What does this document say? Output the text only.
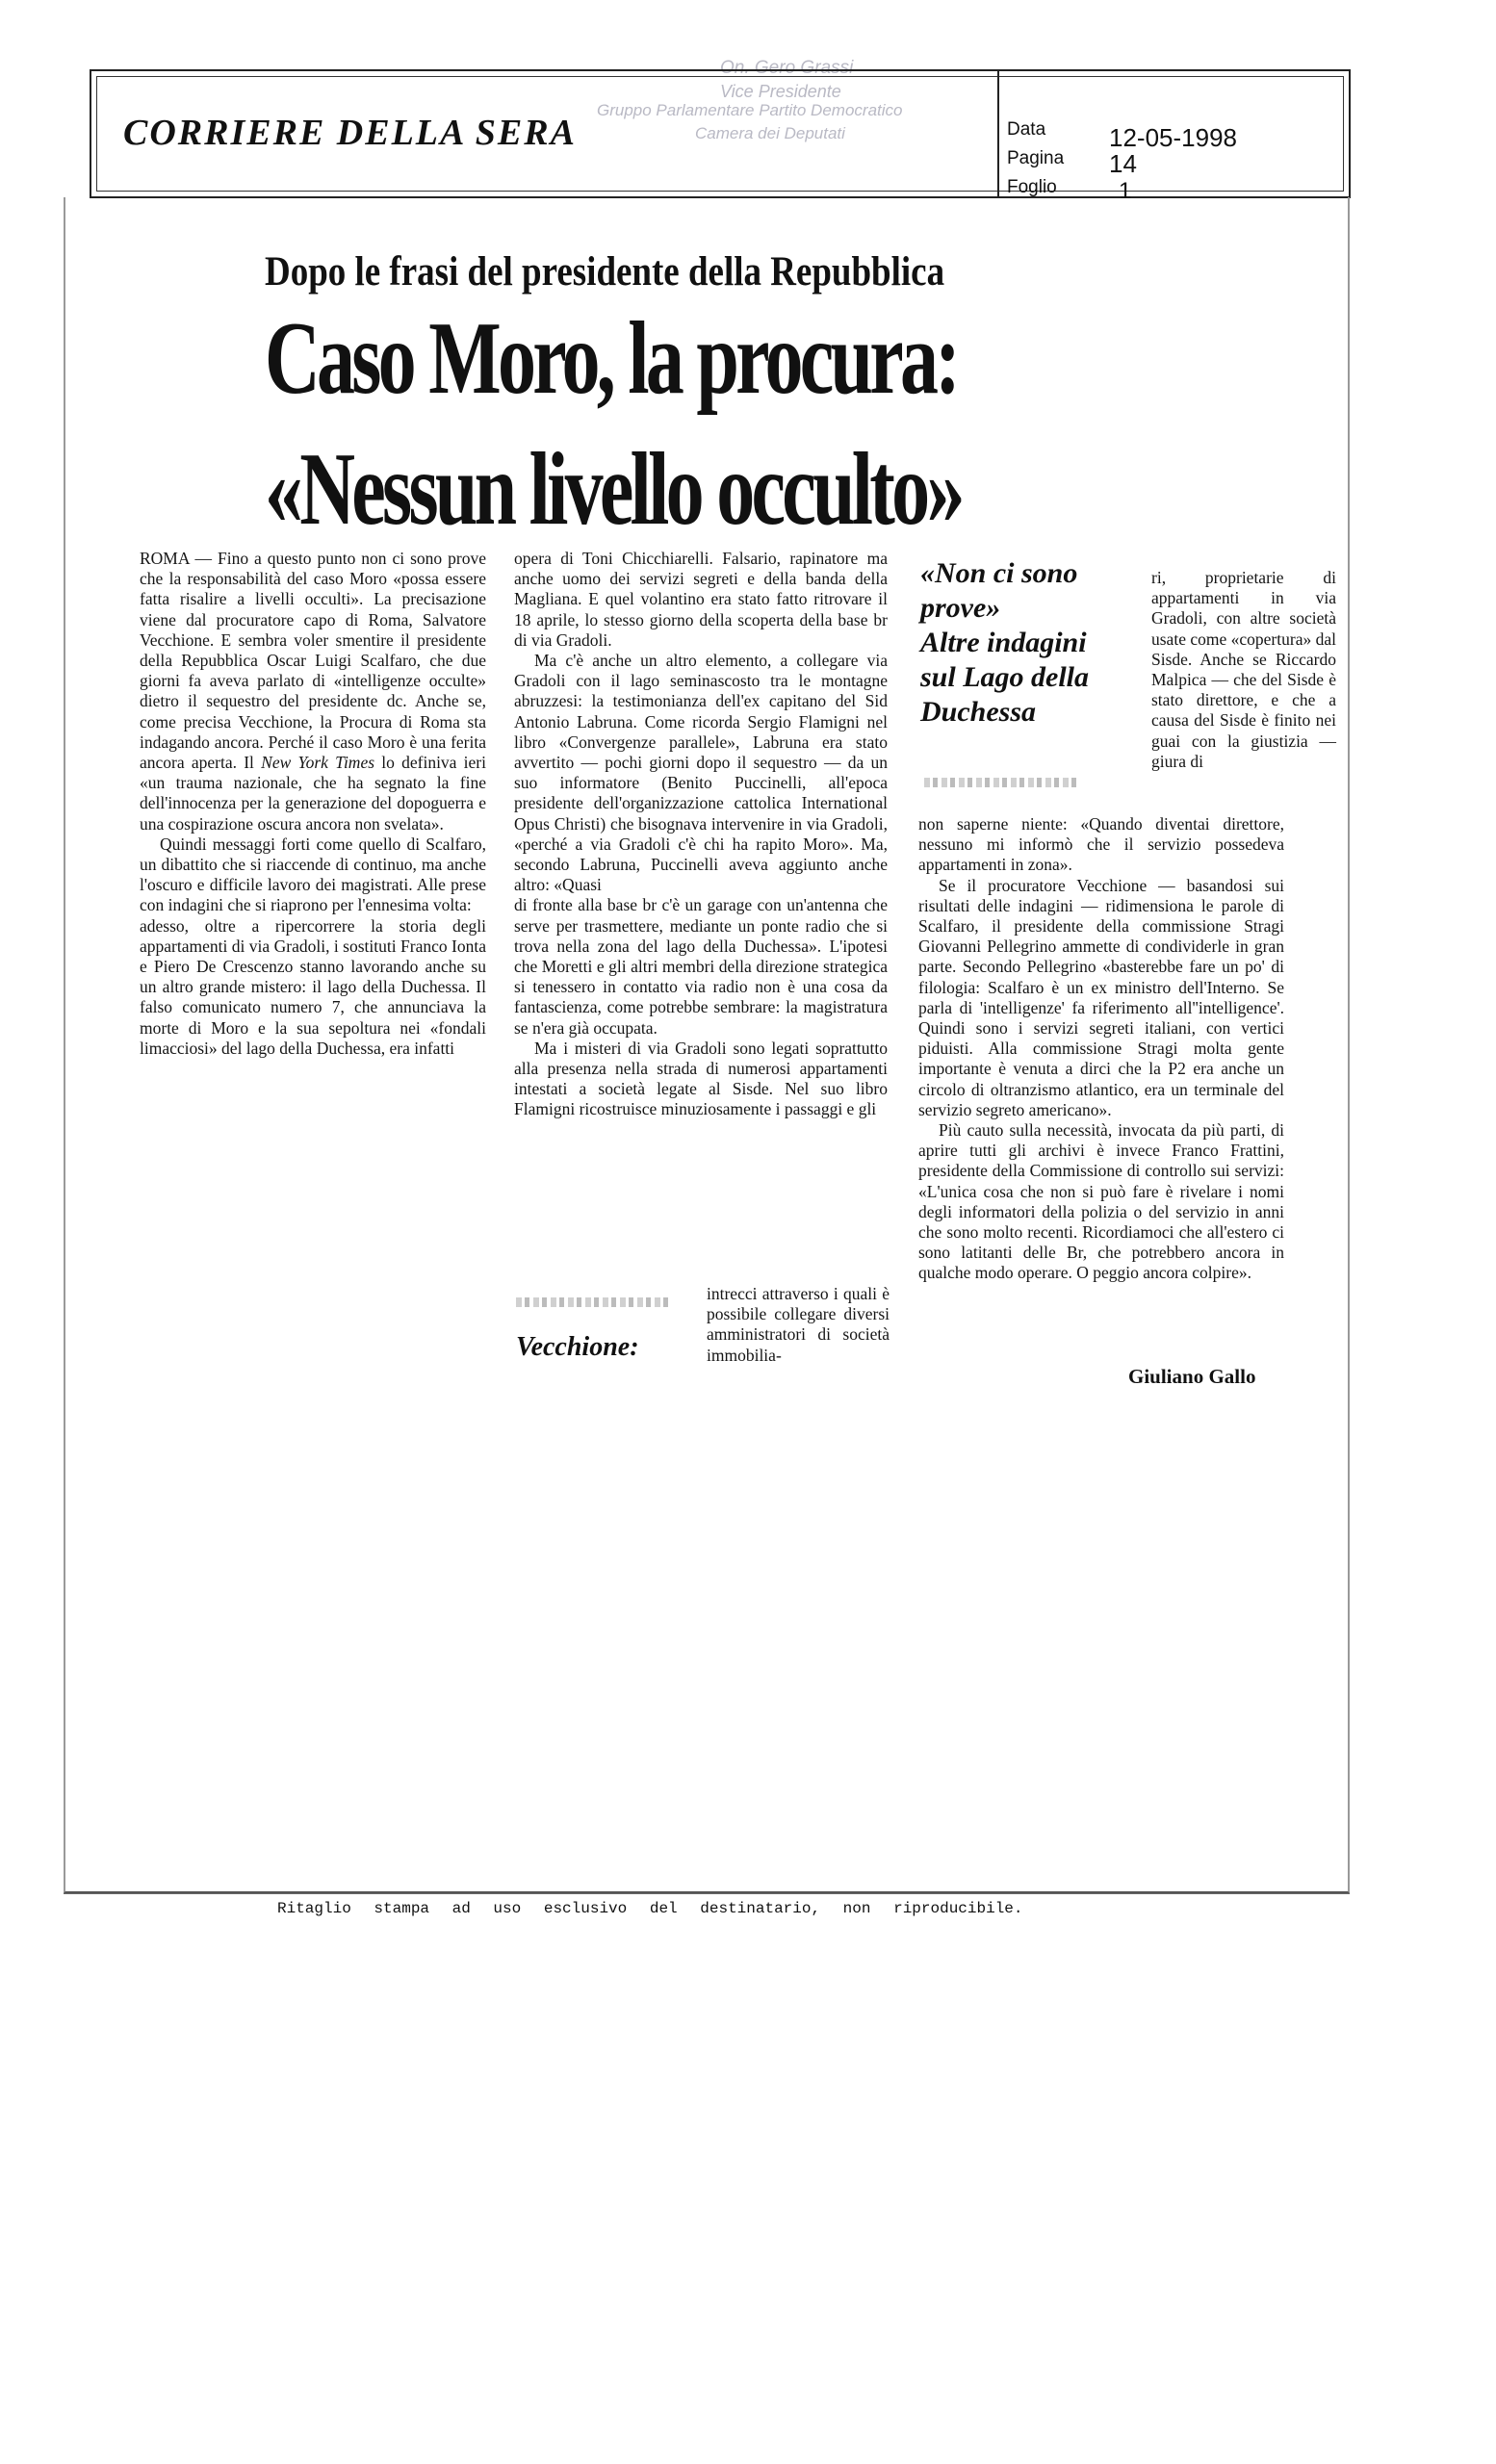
On. Gero Grassi
Vice Presidente
Gruppo Parlamentare Partito Democratico
Camera dei Deputati
CORRIERE DELLA SERA	Data	12-05-1998
Pagina 14
Foglio	1
Dopo le frasi del presidente della Repubblica
Caso Moro, la procura:
«Nessun livello occulto»

ROMA — Fino a questo punto non ci sono prove che la responsabilità del caso Moro «possa essere fatta risalire a livelli occulti». La precisazione viene dal procuratore capo di Roma, Salvatore Vecchione. E sembra voler smentire il presidente della Repubblica Oscar Luigi Scalfaro, che due giorni fa aveva parlato di «intelligenze occulte» dietro il sequestro del presidente dc. Anche se, come precisa Vecchione, la Procura di Roma sta indagando ancora. Perché il caso Moro è una ferita ancora aperta. Il New York Times lo definiva ieri «un trauma nazionale, che ha segnato la fine dell'innocenza per la generazione del dopoguerra e una cospirazione oscura ancora non svelata».

Quindi messaggi forti come quello di Scalfaro, un dibattito che si riaccende di continuo, ma anche l'oscuro e difficile lavoro dei magistrati. Alle prese con indagini che si riaprono per l'ennesima volta:

adesso, oltre a ripercorrere la storia degli appartamenti di via Gradoli, i sostituti Franco Ionta e Piero De Crescenzo stanno lavorando anche su un altro grande mistero: il lago della Duchessa. Il falso comunicato numero 7, che annunciava la morte di Moro e la sua sepoltura nei «fondali limacciosi» del lago della Duchessa, era infatti

opera di Toni Chicchiarelli. Falsario, rapinatore ma anche uomo dei servizi segreti e della banda della Magliana. E quel volantino era stato fatto ritrovare il 18 aprile, lo stesso giorno della scoperta della base br di via Gradoli.

Ma c'è anche un altro elemento, a collegare via Gradoli con il lago seminascosto tra le montagne abruzzesi: la testimonianza dell'ex capitano del Sid Antonio Labruna. Come ricorda Sergio Flamigni nel libro «Convergenze parallele», Labruna era stato avvertito — pochi giorni dopo il sequestro — da un suo informatore (Benito Puccinelli, all'epoca presidente dell'organizzazione cattolica International Opus Christi) che bisognava intervenire in via Gradoli, «perché a via Gradoli c'è chi ha rapito Moro». Ma, secondo Labruna, Puccinelli aveva aggiunto anche altro: «Quasi

di fronte alla base br c'è un garage con un'antenna che serve per trasmettere, mediante un ponte radio che si trova nella zona del lago della Duchessa». L'ipotesi che Moretti e gli altri membri della direzione strategica si tenessero in contatto via radio non è una cosa da fantascienza, come potrebbe sembrare: la magistratura se n'era già occupata.

Ma i misteri di via Gradoli sono legati soprattutto alla presenza nella strada di numerosi appartamenti intestati a società legate al Sisde. Nel suo libro Flamigni ricostruisce minuziosamente i passaggi e gli

Vecchione:
intrecci attraverso i quali è possibile collegare diversi amministratori di società immobilia-
«Non ci sono
prove»
Altre indagini
sul Lago della
Duchessa
ri, proprietarie di appartamenti in via Gradoli, con altre società usate come «copertura» dal Sisde. Anche se Riccardo Malpica — che del Sisde è stato direttore, e che a causa del Sisde è finito nei guai con la giustizia — giura di

non saperne niente: «Quando diventai direttore, nessuno mi informò che il servizio possedeva appartamenti in zona».

Se il procuratore Vecchione — basandosi sui risultati delle indagini — ridimensiona le parole di Scalfaro, il presidente della commissione Stragi Giovanni Pellegrino ammette di condividerle in gran parte. Secondo Pellegrino «basterebbe fare un po' di filologia: Scalfaro è un ex ministro dell'Interno. Se parla di 'intelligenze' fa riferimento all''intelligence'. Quindi sono i servizi segreti italiani, con vertici piduisti. Alla commissione Stragi molta gente importante è venuta a dirci che la P2 era anche un circolo di oltranzismo atlantico, era un terminale del servizio segreto americano».

Più cauto sulla necessità, invocata da più parti, di aprire tutti gli archivi è invece Franco Frattini, presidente della Commissione di controllo sui servizi: «L'unica cosa che non si può fare è rivelare i nomi degli informatori della polizia o del servizio in anni che sono molto recenti. Ricordiamoci che all'estero ci sono latitanti delle Br, che potrebbero ancora in qualche modo operare. O peggio ancora colpire».

Giuliano Gallo
Ritaglio stampa ad uso esclusivo del destinatario, non riproducibile.
